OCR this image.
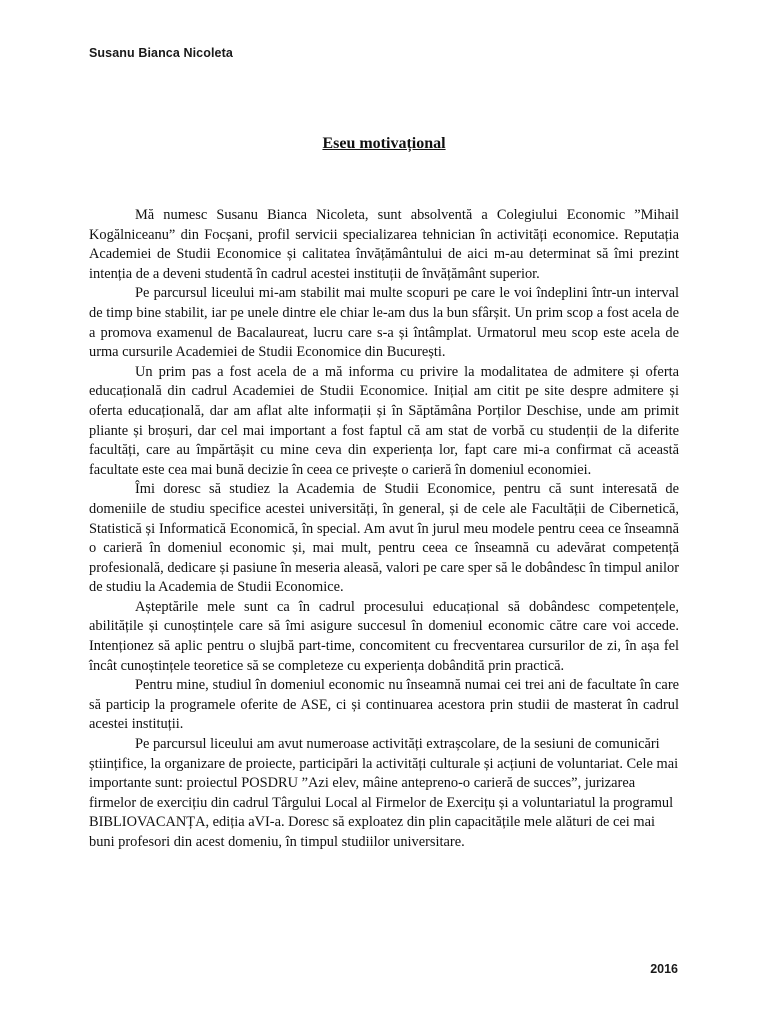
Susanu Bianca Nicoleta
Eseu motivațional

Mă numesc Susanu Bianca Nicoleta, sunt absolventă a Colegiului Economic ”Mihail Kogălniceanu” din Focșani, profil servicii specializarea tehnician în activități economice. Reputația Academiei de Studii Economice și calitatea învățământului de aici m-au determinat să îmi prezint intenția de a deveni studentă în cadrul acestei instituții de învățământ superior.

Pe parcursul liceului mi-am stabilit mai multe scopuri pe care le voi îndeplini într-un interval de timp bine stabilit, iar pe unele dintre ele chiar le-am dus la bun sfârșit. Un prim scop a fost acela de a promova examenul de Bacalaureat, lucru care s-a și întâmplat. Urmatorul meu scop este acela de urma cursurile Academiei de Studii Economice din București.

Un prim pas a fost acela de a mă informa cu privire la modalitatea de admitere și oferta educațională din cadrul Academiei de Studii Economice. Inițial am citit pe site despre admitere și oferta educațională, dar am aflat alte informații și în Săptămâna Porților Deschise, unde am primit pliante și broșuri, dar cel mai important a fost faptul că am stat de vorbă cu studenții de la diferite facultăți, care au împărtășit cu mine ceva din experiența lor, fapt care mi-a confirmat că această facultate este cea mai bună decizie în ceea ce privește o carieră în domeniul economiei.

Îmi doresc să studiez la Academia de Studii Economice, pentru că sunt interesată de domeniile de studiu specifice acestei universități, în general, și de cele ale Facultății de Cibernetică, Statistică și Informatică Economică, în special. Am avut în jurul meu modele pentru ceea ce înseamnă o carieră în domeniul economic și, mai mult, pentru ceea ce înseamnă cu adevărat competență profesională, dedicare și pasiune în meseria aleasă, valori pe care sper să le dobândesc în timpul anilor de studiu la Academia de Studii Economice.

Așteptările mele sunt ca în cadrul procesului educațional să dobândesc competențele, abilitățile și cunoștințele care să îmi asigure succesul în domeniul economic către care voi accede. Intenționez să aplic pentru o slujbă part-time, concomitent cu frecventarea cursurilor de zi, în așa fel încât cunoștințele teoretice să se completeze cu experiența dobândită prin practică.

Pentru mine, studiul în domeniul economic nu înseamnă numai cei trei ani de facultate în care să particip la programele oferite de ASE, ci și continuarea acestora prin studii de masterat în cadrul acestei instituții.

Pe parcursul liceului am avut numeroase activități extrașcolare, de la sesiuni de comunicări științifice, la organizare de proiecte, participări la activități culturale și acțiuni de voluntariat. Cele mai importante sunt: proiectul POSDRU ”Azi elev, mâine antepreno-o carieră de succes”, jurizarea firmelor de exercițiu din cadrul Târgului Local al Firmelor de Exercițu și a voluntariatul la programul BIBLIOVACANȚA, ediția aVI-a. Doresc să exploatez din plin capacitățile mele alături de cei mai buni profesori din acest domeniu, în timpul studiilor universitare.

2016
